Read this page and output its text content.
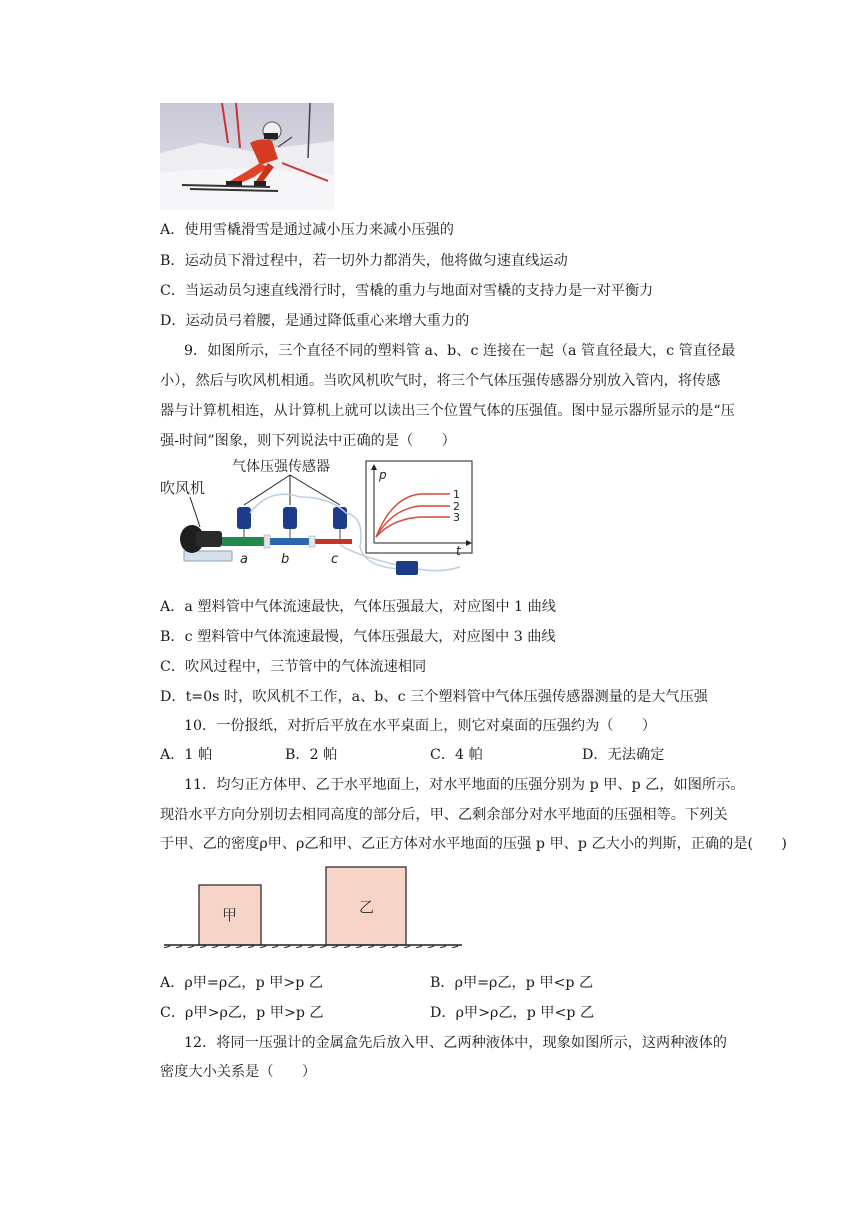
A．使用雪橇滑雪是通过减小压力来减小压强的
B．运动员下滑过程中，若一切外力都消失，他将做匀速直线运动
C．当运动员匀速直线滑行时，雪橇的重力与地面对雪橇的支持力是一对平衡力
D．运动员弓着腰，是通过降低重心来增大重力的
9．如图所示，三个直径不同的塑料管 a、b、c 连接在一起（a 管直径最大，c 管直径最
小），然后与吹风机相通。当吹风机吹气时，将三个气体压强传感器分别放入管内，将传感
器与计算机相连，从计算机上就可以读出三个位置气体的压强值。图中显示器所显示的是“压
强-时间”图象，则下列说法中正确的是（　　）
吹风机
气体压强传感器
a	b	c
p
t
1
2
3
A．a 塑料管中气体流速最快，气体压强最大，对应图中 1 曲线
B．c 塑料管中气体流速最慢，气体压强最大，对应图中 3 曲线
C．吹风过程中，三节管中的气体流速相同
D．t=0s 时，吹风机不工作，a、b、c 三个塑料管中气体压强传感器测量的是大气压强
10．一份报纸，对折后平放在水平桌面上，则它对桌面的压强约为（　　）
A．1 帕	B．2 帕	C．4 帕	D．无法确定
11．均匀正方体甲、乙于水平地面上，对水平地面的压强分别为 p 甲、p 乙，如图所示。
现沿水平方向分别切去相同高度的部分后，甲、乙剩余部分对水平地面的压强相等。下列关
于甲、乙的密度ρ甲、ρ乙和甲、乙正方体对水平地面的压强 p 甲、p 乙大小的判斯，正确的是(　　)
甲	乙
A．ρ甲=ρ乙，p 甲>p 乙	B．ρ甲=ρ乙，p 甲<p 乙
C．ρ甲>ρ乙，p 甲>p 乙	D．ρ甲>ρ乙，p 甲<p 乙
12．将同一压强计的金属盒先后放入甲、乙两种液体中，现象如图所示，这两种液体的
密度大小关系是（　　）
